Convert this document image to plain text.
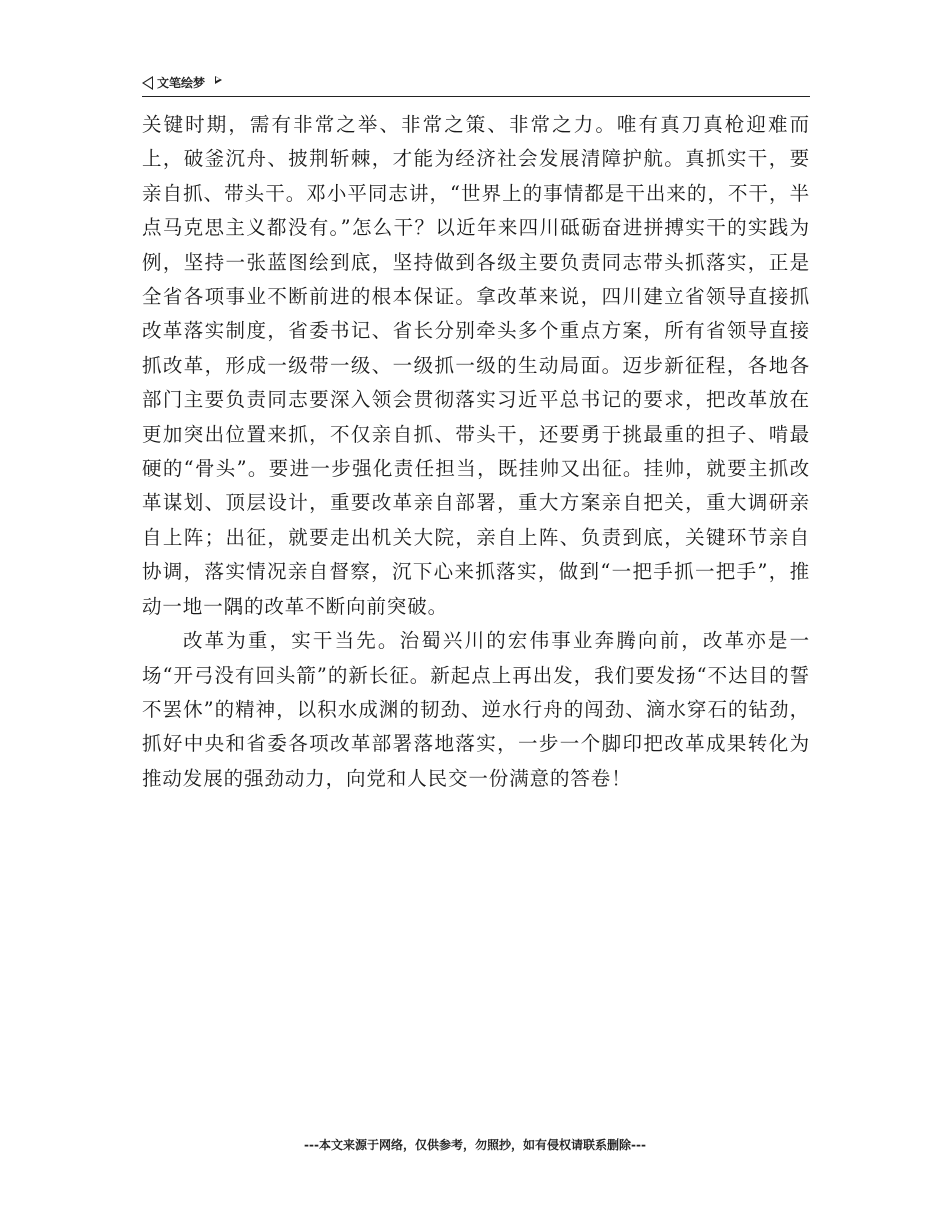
文笔绘梦

关键时期，需有非常之举、非常之策、非常之力。唯有真刀真枪迎难而上，破釜沉舟、披荆斩棘，才能为经济社会发展清障护航。真抓实干，要亲自抓、带头干。邓小平同志讲，“世界上的事情都是干出来的，不干，半点马克思主义都没有。”怎么干？以近年来四川砥砺奋进拼搏实干的实践为例，坚持一张蓝图绘到底，坚持做到各级主要负责同志带头抓落实，正是全省各项事业不断前进的根本保证。拿改革来说，四川建立省领导直接抓改革落实制度，省委书记、省长分别牵头多个重点方案，所有省领导直接抓改革，形成一级带一级、一级抓一级的生动局面。迈步新征程，各地各部门主要负责同志要深入领会贯彻落实习近平总书记的要求，把改革放在更加突出位置来抓，不仅亲自抓、带头干，还要勇于挑最重的担子、啃最硬的“骨头”。要进一步强化责任担当，既挂帅又出征。挂帅，就要主抓改革谋划、顶层设计，重要改革亲自部署，重大方案亲自把关，重大调研亲自上阵；出征，就要走出机关大院，亲自上阵、负责到底，关键环节亲自协调，落实情况亲自督察，沉下心来抓落实，做到“一把手抓一把手”，推动一地一隅的改革不断向前突破。

改革为重，实干当先。治蜀兴川的宏伟事业奔腾向前，改革亦是一场“开弓没有回头箭”的新长征。新起点上再出发，我们要发扬“不达目的誓不罢休”的精神，以积水成渊的韧劲、逆水行舟的闯劲、滴水穿石的钻劲，抓好中央和省委各项改革部署落地落实，一步一个脚印把改革成果转化为推动发展的强劲动力，向党和人民交一份满意的答卷！

---本文来源于网络，仅供参考，勿照抄，如有侵权请联系删除---
